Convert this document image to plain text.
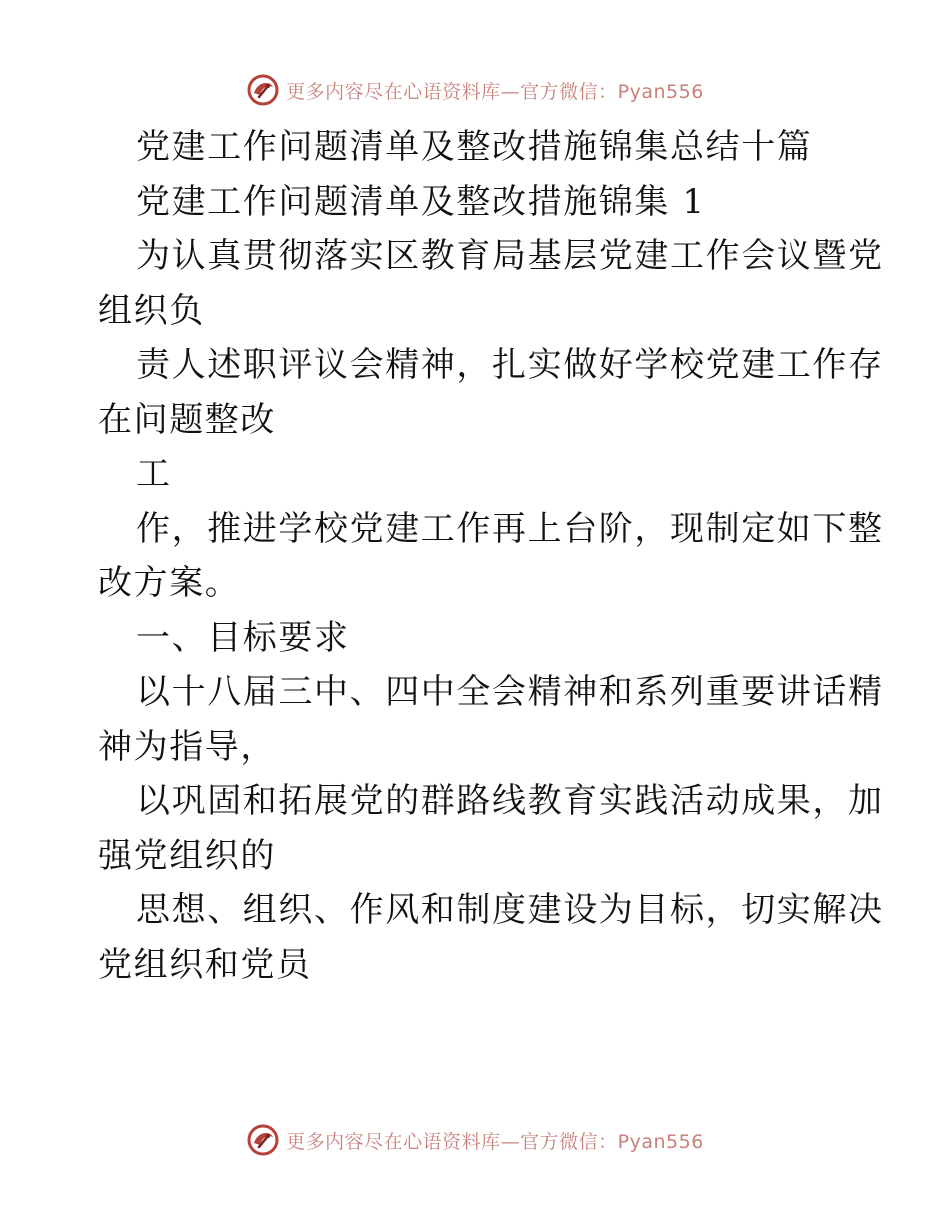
更多内容尽在心语资料库—官方微信：Pyan556
党建工作问题清单及整改措施锦集总结十篇
党建工作问题清单及整改措施锦集 1
为认真贯彻落实区教育局基层党建工作会议暨党
组织负
责人述职评议会精神，扎实做好学校党建工作存
在问题整改
工
作，推进学校党建工作再上台阶，现制定如下整
改方案。
一、目标要求
以十八届三中、四中全会精神和系列重要讲话精
神为指导，
以巩固和拓展党的群路线教育实践活动成果，加
强党组织的
思想、组织、作风和制度建设为目标，切实解决
党组织和党员
更多内容尽在心语资料库—官方微信：Pyan556
